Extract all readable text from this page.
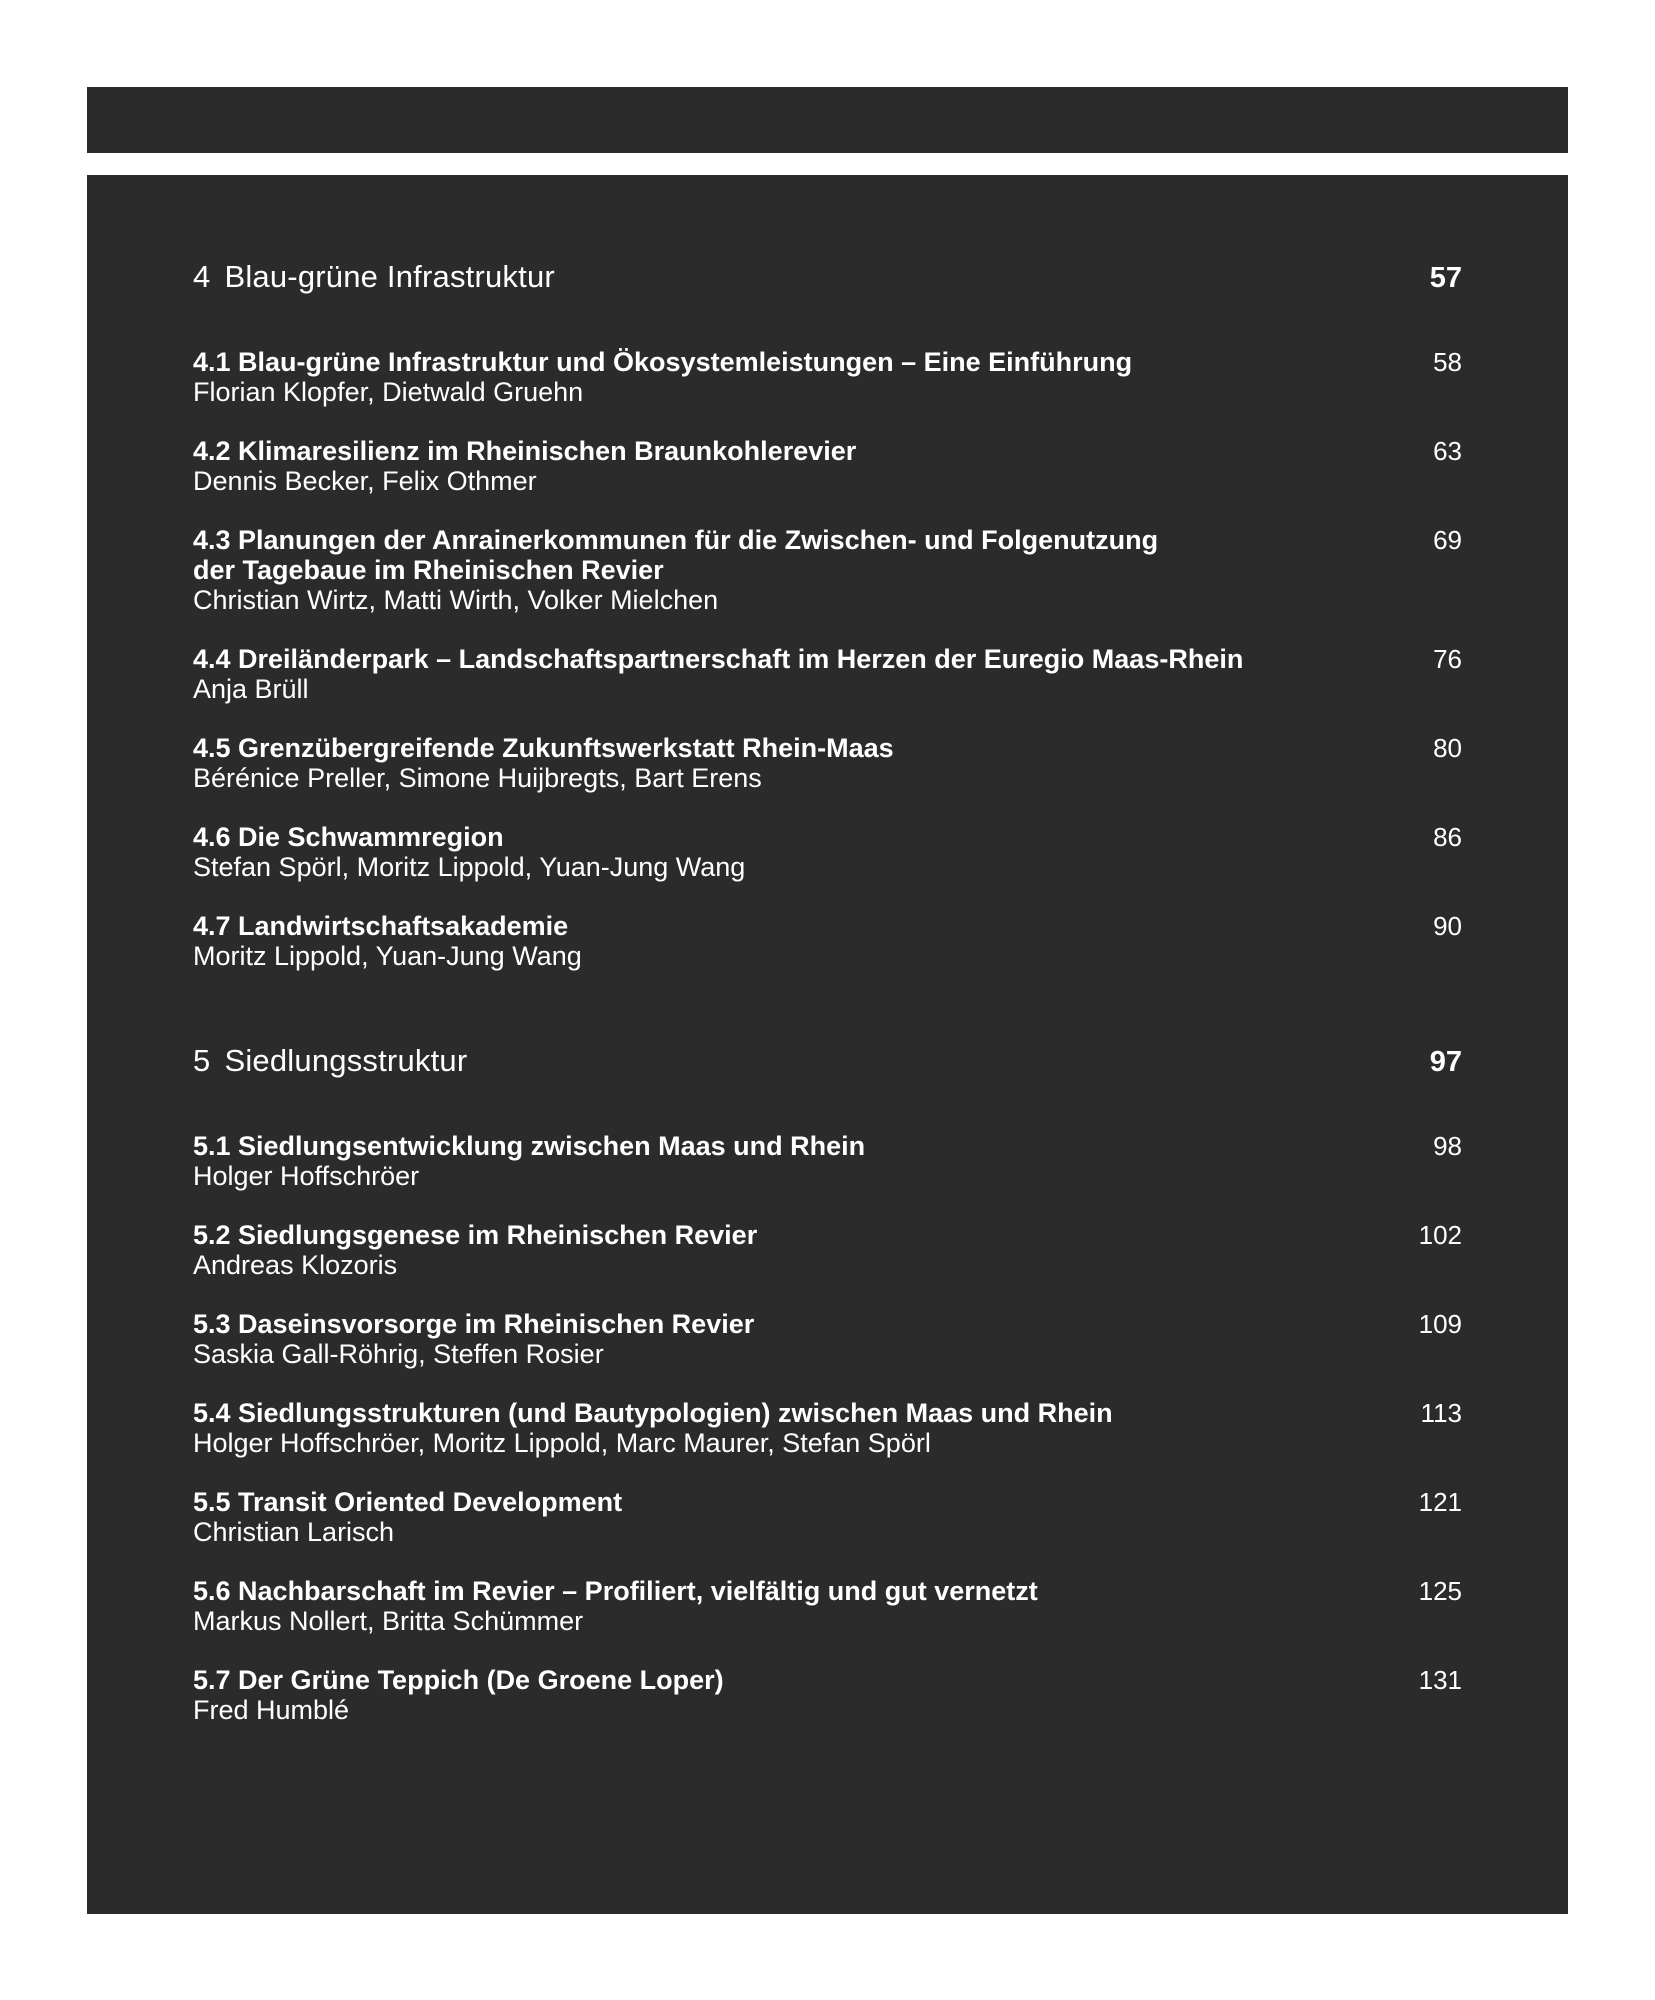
4 Blau-grüne Infrastruktur	57
4.1 Blau-grüne Infrastruktur und Ökosystemleistungen – Eine Einführung
Florian Klopfer, Dietwald Gruehn
58
4.2 Klimaresilienz im Rheinischen Braunkohlerevier
Dennis Becker, Felix Othmer
63
4.3 Planungen der Anrainerkommunen für die Zwischen- und Folgenutzung
der Tagebaue im Rheinischen Revier
Christian Wirtz, Matti Wirth, Volker Mielchen
69
4.4 Dreiländerpark – Landschaftspartnerschaft im Herzen der Euregio Maas-Rhein
Anja Brüll
76
4.5 Grenzübergreifende Zukunftswerkstatt Rhein-Maas
Bérénice Preller, Simone Huijbregts, Bart Erens
80
4.6 Die Schwammregion
Stefan Spörl, Moritz Lippold, Yuan-Jung Wang
86
4.7 Landwirtschaftsakademie
Moritz Lippold, Yuan-Jung Wang
90
5 Siedlungsstruktur	97
5.1 Siedlungsentwicklung zwischen Maas und Rhein
Holger Hoffschröer
98
5.2 Siedlungsgenese im Rheinischen Revier
Andreas Klozoris
102
5.3 Daseinsvorsorge im Rheinischen Revier
Saskia Gall-Röhrig, Steffen Rosier
109
5.4 Siedlungsstrukturen (und Bautypologien) zwischen Maas und Rhein
Holger Hoffschröer, Moritz Lippold, Marc Maurer, Stefan Spörl
113
5.5 Transit Oriented Development
Christian Larisch
121
5.6 Nachbarschaft im Revier – Profiliert, vielfältig und gut vernetzt
Markus Nollert, Britta Schümmer
125
5.7 Der Grüne Teppich (De Groene Loper)
Fred Humblé
131
